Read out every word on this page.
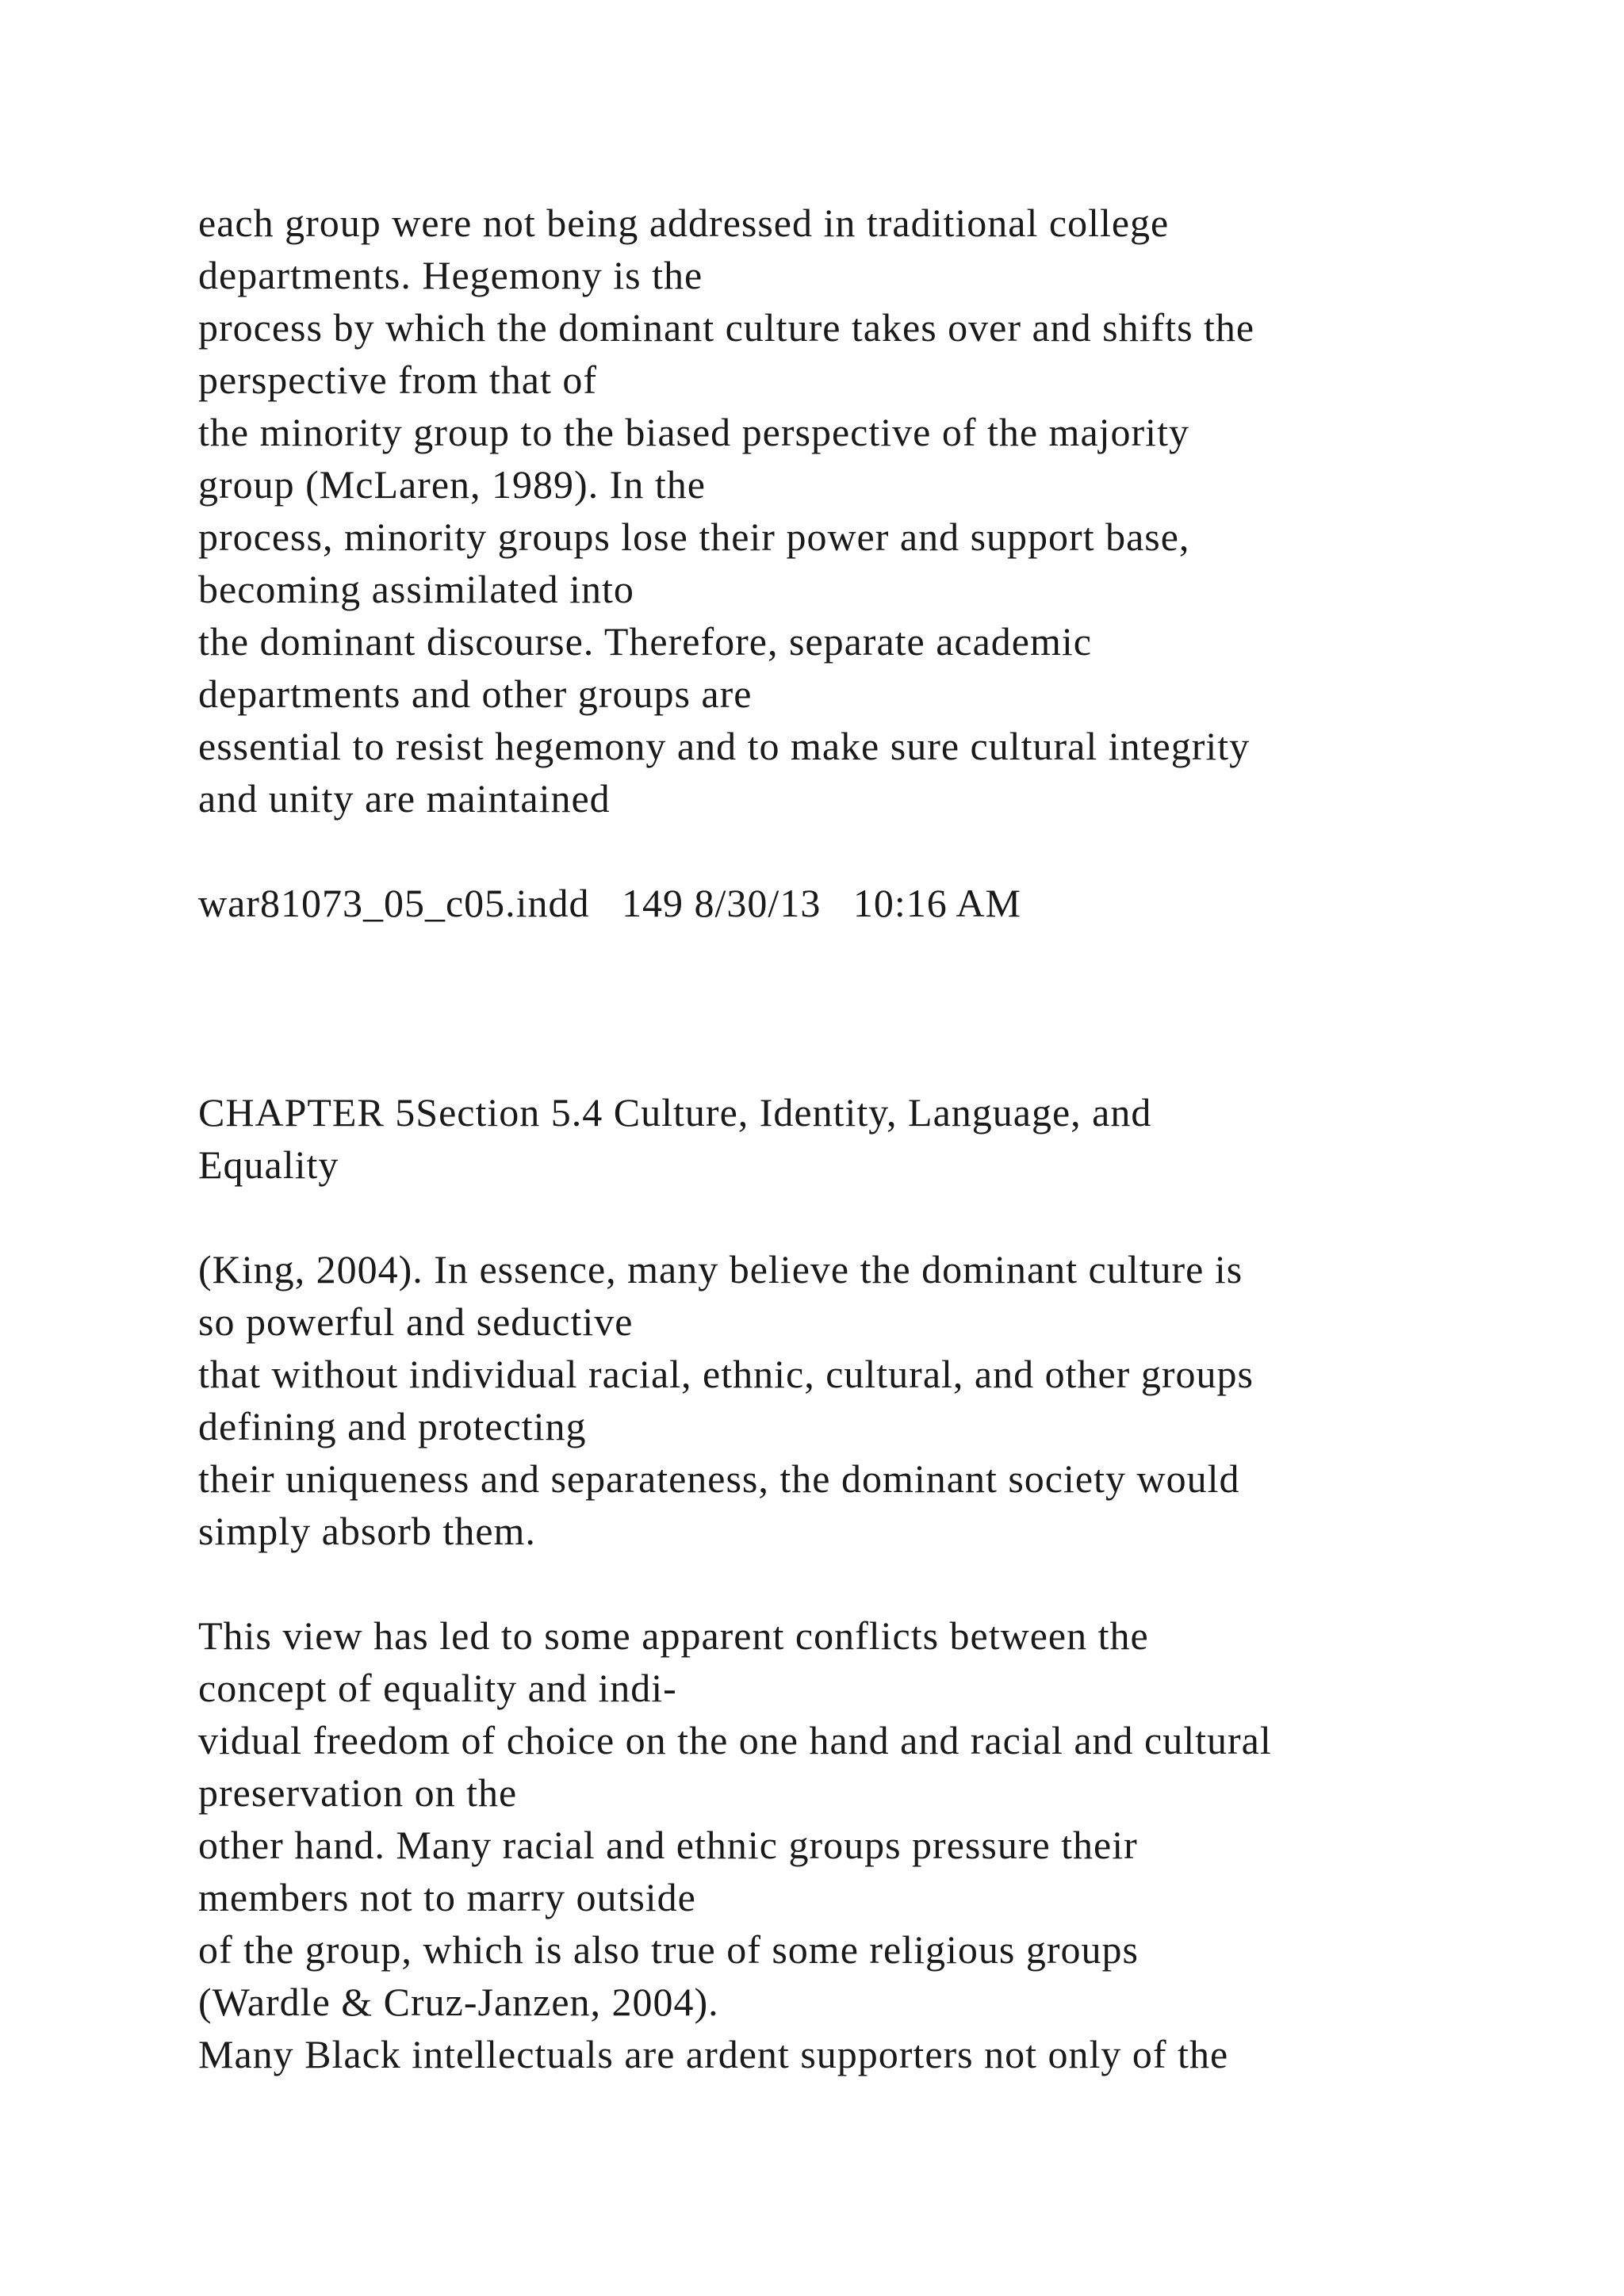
each group were not being addressed in traditional college
departments. Hegemony is the
process by which the dominant culture takes over and shifts the
perspective from that of
the minority group to the biased perspective of the majority
group (McLaren, 1989). In the
process, minority groups lose their power and support base,
becoming assimilated into
the dominant discourse. Therefore, separate academic
departments and other groups are
essential to resist hegemony and to make sure cultural integrity
and unity are maintained
war81073_05_c05.indd   149 8/30/13   10:16 AM
CHAPTER 5Section 5.4 Culture, Identity, Language, and
Equality
(King, 2004). In essence, many believe the dominant culture is
so powerful and seductive
that without individual racial, ethnic, cultural, and other groups
defining and protecting
their uniqueness and separateness, the dominant society would
simply absorb them.
This view has led to some apparent conflicts between the
concept of equality and indi-
vidual freedom of choice on the one hand and racial and cultural
preservation on the
other hand. Many racial and ethnic groups pressure their
members not to marry outside
of the group, which is also true of some religious groups
(Wardle & Cruz-Janzen, 2004).
Many Black intellectuals are ardent supporters not only of the
